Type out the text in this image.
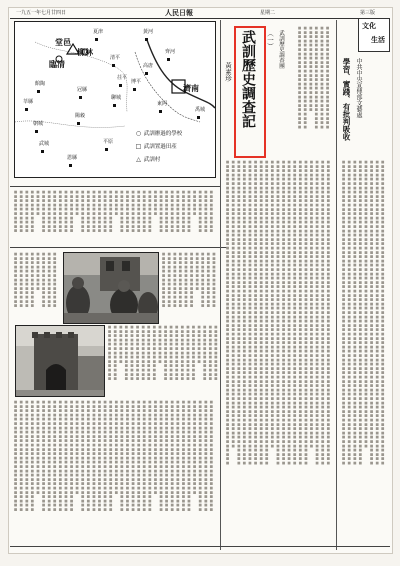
一九五一年七月廿四日	人民日報	星期二	第三版
堂邑
柳林
臨清
館陶
冠縣
聊城
濟南
黃河
清平
高唐
博平
莘縣
朝城
陽穀
東阿
禹城
齊河
茌平
夏津
武城
恩縣
平原
○ 武訓辦過的學校
□ 武訓置過田產
△ 武訓村
武訓歷史調查記 （一） 武訓歷史調查團
黃素珍
文化
生活
學習、實踐、有批判吸收 中共中央宣傳部文藝處
■■■■■■■■■■
■■■■■■■■■■
■■■■■■■■■■
■■■■■■
■■■■■■■■■■
■■■■■■■■■■
■■■■■■■■■■
■■■■■■■■■■
■■■■■■■■■■
■■■■■■■■■■
■■■■■■
■■■■■■■■■■
■■■■■■■■■■
■■■■■■■■■■
■■■■■■■■■■
■■■■■■■■■■
■■■■■■■■■■
■■■■■■
■■■■■■■■■■
■■■■■■■■■■
■■■■■■■■■■
■■■■■■■■■■
■■■■■■■■■■
■■■■■■■■■■
■■■■■■
■■■■■■■■■■
■■■■■■■■■■
■■■■■■■■■■
■■■■■■■■■■
■■■■■■■■■■
■■■■■■■■■■
■■■■■■
■■■■■■■■■■
■■■■■■■■■■
■■■■■■■■■■
■■■■■■■■■■

■■■■■■■■■■■■■
■■■■■■■■■■■■■
■■■■■■■■■■■■■
■■■■■■■■■
■■■■■■■■■■■■■
■■■■■■■■■■■■■
■■■■■■■■■■■■■
■■■■■■■■■■■■■	■■■■■■■■■■■■■
■■■■■■■■■■■■■
■■■■■■■■■■■■■
■■■■■■■■■
■■■■■■■■■■■■■
■■■■■■■■■■■■■
■■■■■■■■■■■■■
■■■■■■■■■■■■■
■■■■■■■■■■■■■
■■■■■■■■■■■■■

■■■■■■■■■■■■■
■■■■■■■■■■■■■
■■■■■■■■■■■■■
■■■■■■■■■
■■■■■■■■■■■■■
■■■■■■■■■■■■■
■■■■■■■■■■■■■
■■■■■■■■■■■■■
■■■■■■■■■■■■■
■■■■■■■■■■■■■
■■■■■■■■■
■■■■■■■■■■■■■
■■■■■■■■■■■■■
■■■■■■■■■■■■■
■■■■■■■■■■■■■
■■■■■■■■■■■■■
■■■■■■■■■■■■■
■■■■■■■■■
■■■■■■■■■■■■■
■■■■■■■■■■■■■

■■■■■■■■■■■■■■■■■■■■■■■■■■
■■■■■■■■■■■■■■■■■■■■■■■■■■
■■■■■■■■■■■■■■■■■■■■■■■■■■
■■■■■■■■■■■■■■■■■■■■■■
■■■■■■■■■■■■■■■■■■■■■■■■■■
■■■■■■■■■■■■■■■■■■■■■■■■■■
■■■■■■■■■■■■■■■■■■■■■■■■■■
■■■■■■■■■■■■■■■■■■■■■■■■■■
■■■■■■■■■■■■■■■■■■■■■■■■■■
■■■■■■■■■■■■■■■■■■■■■■■■■■
■■■■■■■■■■■■■■■■■■■■■■
■■■■■■■■■■■■■■■■■■■■■■■■■■
■■■■■■■■■■■■■■■■■■■■■■■■■■
■■■■■■■■■■■■■■■■■■■■■■■■■■
■■■■■■■■■■■■■■■■■■■■■■■■■■
■■■■■■■■■■■■■■■■■■■■■■■■■■
■■■■■■■■■■■■■■■■■■■■■■■■■■
■■■■■■■■■■■■■■■■■■■■■■
■■■■■■■■■■■■■■■■■■■■■■■■■■
■■■■■■■■■■■■■■■■■■■■■■■■■■
■■■■■■■■■■■■■■■■■■■■■■■■■■
■■■■■■■■■■■■■■■■■■■■■■■■■■
■■■■■■■■■■■■■■■■■■■■■■■■■■
■■■■■■■■■■■■■■■■■■■■■■■■■■
■■■■■■■■■■■■■■■■■■■■■■
■■■■■■■■■■■■■■■■■■■■■■■■■■
■■■■■■■■■■■■■■■■■■■■■■■■■■
■■■■■■■■■■■■■■■■■■■■■■■■■■
■■■■■■■■■■■■■■■■■■■■■■■■■■
■■■■■■■■■■■■■■■■■■■■■■■■■■
■■■■■■■■■■■■■■■■■■■■■■■■■■
■■■■■■■■■■■■■■■■■■■■■■
■■■■■■■■■■■■■■■■■■■■■■■■■■
■■■■■■■■■■■■■■■■■■■■■■■■■■
■■■■■■■■■■■■■■■■■■■■■■■■■■
■■■■■■■■■■■■■■■■■■■■■■■■■■	■■■■■■■■■■■■■■■■■■■■■■■■■■■■■■■■■■■■■■■■■■■■■■■■■■■■■■■■■■■■■■■■■■■■■■■
■■■■■■■■■■■■■■■■■■■■■■■■■■■■■■■■■■■■■■■■■■■■■■■■■■■■■■■■■■■■■■■■■■■■■■■
■■■■■■■■■■■■■■■■■■■■■■■■■■■■■■■■■■■■■■■■■■■■■■■■■■■■■■■■■■■■■■■■■■■■■■■
■■■■■■■■■■■■■■■■■■■■■■■■■■■■■■■■■■■■■■■■■■■■■■■■■■■■■■■■■■■■■■■■■■■
■■■■■■■■■■■■■■■■■■■■■■■■■■■■■■■■■■■■■■■■■■■■■■■■■■■■■■■■■■■■■■■■■■■■■■■
■■■■■■■■■■■■■■■■■■■■■■■■■■■■■■■■■■■■■■■■■■■■■■■■■■■■■■■■■■■■■■■■■■■■■■■
■■■■■■■■■■■■■■■■■■■■■■■■■■■■■■■■■■■■■■■■■■■■■■■■■■■■■■■■■■■■■■■■■■■■■■■
■■■■■■■■■■■■■■■■■■■■■■■■■■■■■■■■■■■■■■■■■■■■■■■■■■■■■■■■■■■■■■■■■■■■■■■
■■■■■■■■■■■■■■■■■■■■■■■■■■■■■■■■■■■■■■■■■■■■■■■■■■■■■■■■■■■■■■■■■■■■■■■
■■■■■■■■■■■■■■■■■■■■■■■■■■■■■■■■■■■■■■■■■■■■■■■■■■■■■■■■■■■■■■■■■■■■■■■
■■■■■■■■■■■■■■■■■■■■■■■■■■■■■■■■■■■■■■■■■■■■■■■■■■■■■■■■■■■■■■■■■■■
■■■■■■■■■■■■■■■■■■■■■■■■■■■■■■■■■■■■■■■■■■■■■■■■■■■■■■■■■■■■■■■■■■■■■■■
■■■■■■■■■■■■■■■■■■■■■■■■■■■■■■■■■■■■■■■■■■■■■■■■■■■■■■■■■■■■■■■■■■■■■■■
■■■■■■■■■■■■■■■■■■■■■■■■■■■■■■■■■■■■■■■■■■■■■■■■■■■■■■■■■■■■■■■■■■■■■■■
■■■■■■■■■■■■■■■■■■■■■■■■■■■■■■■■■■■■■■■■■■■■■■■■■■■■■■■■■■■■■■■■■■■■■■■
■■■■■■■■■■■■■■■■■■■■■■■■■■■■■■■■■■■■■■■■■■■■■■■■■■■■■■■■■■■■■■■■■■■■■■■
■■■■■■■■■■■■■■■■■■■■■■■■■■■■■■■■■■■■■■■■■■■■■■■■■■■■■■■■■■■■■■■■■■■■■■■
■■■■■■■■■■■■■■■■■■■■■■■■■■■■■■■■■■■■■■■■■■■■■■■■■■■■■■■■■■■■■■■■■■■
■■■■■■■■■■■■■■■■■■■■■■■■■■■■■■■■■■■■■■■■■■■■■■■■■■■■■■■■■■■■■■■■■■■■■■■

■■■■■■■■■■■■■■■■■■■■■■■■
■■■■■■■■■■■■■■■■■■■■■■■■
■■■■■■■■■■■■■■■■■■■■■■■■
■■■■■■■■■■■■■■■■■■■■
■■■■■■■■■■■■■■■■■■■■■■■■
■■■■■■■■■■■■■■■■■■■■■■■■

■■■■■■■■■■■■■■■■■■■■■■■■■■■■■■■■■■■■■■■■■■■■■■■■■■■■■■■■■■■■■■■■■■■■■■■
■■■■■■■■■■■■■■■■■■■■■■■■■■■■■■■■■■■■■■■■■■■■■■■■■■■■■■■■■■■■■■■■■■■■■■■
■■■■■■■■■■■■■■■■■■■■■■■■■■■■■■■■■■■■■■■■■■■■■■■■■■■■■■■■■■■■■■■■■■■■■■■
■■■■■■■■■■■■■■■■■■■■■■■■■■■■■■■■■■■■■■■■■■■■■■■■■■■■■■■■■■■■■■■■■■■
■■■■■■■■■■■■■■■■■■■■■■■■■■■■■■■■■■■■■■■■■■■■■■■■■■■■■■■■■■■■■■■■■■■■■■■
■■■■■■■■■■■■■■■■■■■■■■■■■■■■■■■■■■■■■■■■■■■■■■■■■■■■■■■■■■■■■■■■■■■■■■■
■■■■■■■■■■■■■■■■■■■■■■■■■■■■■■■■■■■■■■■■■■■■■■■■■■■■■■■■■■■■■■■■■■■■■■■
■■■■■■■■■■■■■■■■■■■■■■■■■■■■■■■■■■■■■■■■■■■■■■■■■■■■■■■■■■■■■■■■■■■■■■■
